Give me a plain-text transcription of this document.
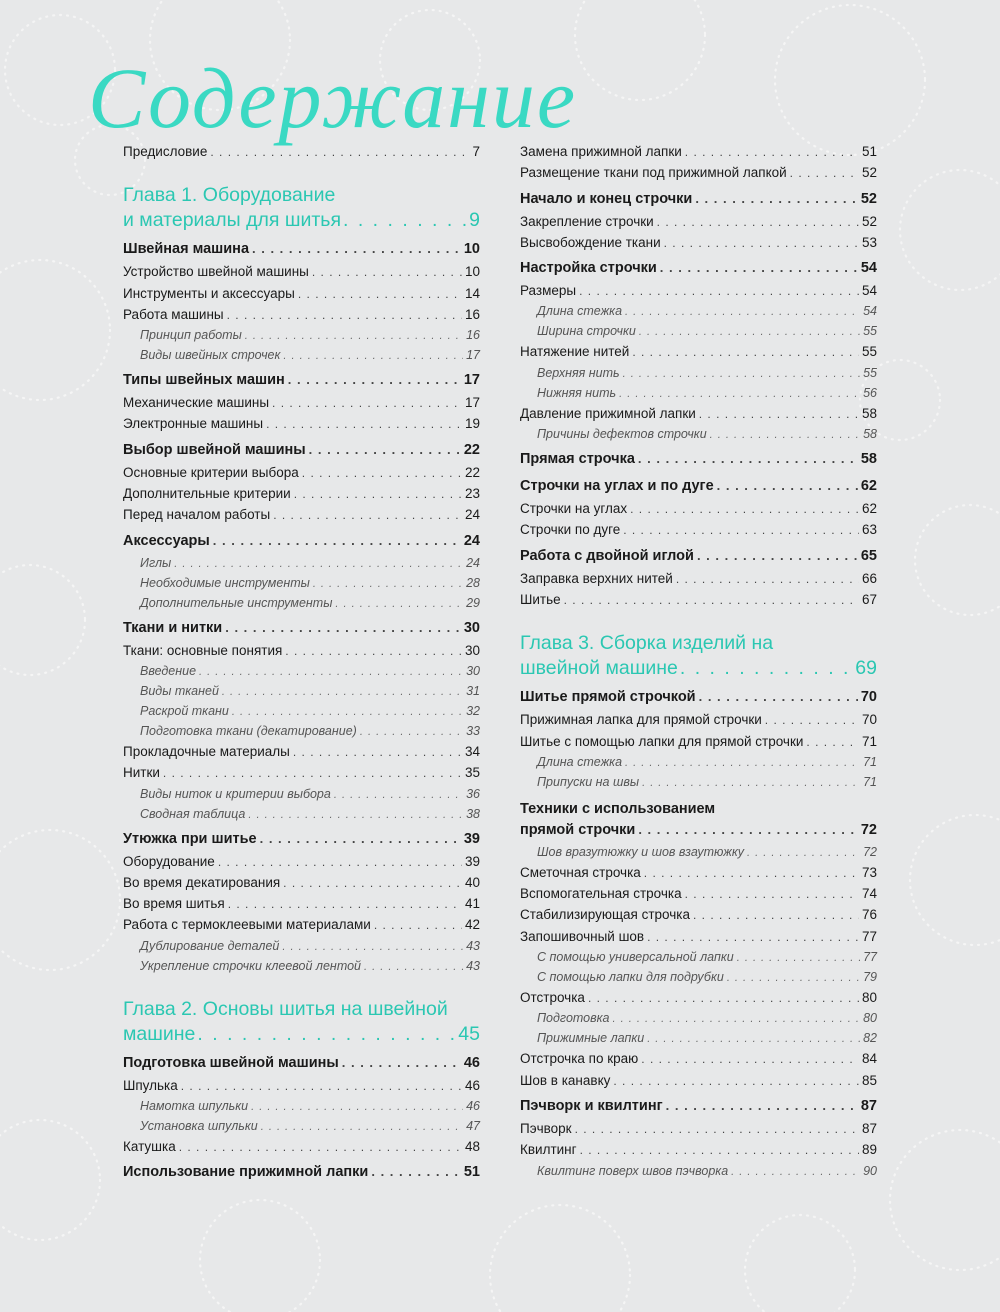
Содержание
Предисловие . . .	7
Глава 1. Оборудование
и материалы для шитья . . .	9
Швейная машина . . .	10
Устройство швейной машины . . .	10
Инструменты и аксессуары . . .	14
Работа машины . . .	16
Принцип работы . . .	16
Виды швейных строчек . . .	17
Типы швейных машин . . .	17
Механические машины . . .	17
Электронные машины . . .	19
Выбор швейной машины . . .	22
Основные критерии выбора . . .	22
Дополнительные критерии . . .	23
Перед началом работы . . .	24
Аксессуары . . .	24
Иглы . . .	24
Необходимые инструменты . . .	28
Дополнительные инструменты . . .	29
Ткани и нитки . . .	30
Ткани: основные понятия . . .	30
Введение . . .	30
Виды тканей . . .	31
Раскрой ткани . . .	32
Подготовка ткани (декатирование) . . .	33
Прокладочные материалы . . .	34
Нитки . . .	35
Виды ниток и критерии выбора . . .	36
Сводная таблица . . .	38
Утюжка при шитье . . .	39
Оборудование . . .	39
Во время декатирования . . .	40
Во время шитья . . .	41
Работа с термоклеевыми материалами . . .	42
Дублирование деталей . . .	43
Укрепление строчки клеевой лентой . . .	43
Глава 2. Основы шитья на швейной
машине . . .	45
Подготовка швейной машины . . .	46
Шпулька . . .	46
Намотка шпульки . . .	46
Установка шпульки . . .	47
Катушка . . .	48
Использование прижимной лапки . . .	51
Замена прижимной лапки . . .	51
Размещение ткани под прижимной лапкой . . .	52
Начало и конец строчки . . .	52
Закрепление строчки . . .	52
Высвобождение ткани . . .	53
Настройка строчки . . .	54
Размеры . . .	54
Длина стежка . . .	54
Ширина строчки . . .	55
Натяжение нитей . . .	55
Верхняя нить . . .	55
Нижняя нить . . .	56
Давление прижимной лапки . . .	58
Причины дефектов строчки . . .	58
Прямая строчка . . .	58
Строчки на углах и по дуге . . .	62
Строчки на углах . . .	62
Строчки по дуге . . .	63
Работа с двойной иглой . . .	65
Заправка верхних нитей . . .	66
Шитье . . .	67
Глава 3. Сборка изделий на
швейной машине . . .	69
Шитье прямой строчкой . . .	70
Прижимная лапка для прямой строчки . . .	70
Шитье с помощью лапки для прямой строчки . . .	71
Длина стежка . . .	71
Припуски на швы . . .	71
Техники с использованием
прямой строчки . . .	72
Шов вразутюжку и шов взаутюжку . . .	72
Сметочная строчка . . .	73
Вспомогательная строчка . . .	74
Стабилизирующая строчка . . .	76
Запошивочный шов . . .	77
С помощью универсальной лапки . . .	77
С помощью лапки для подрубки . . .	79
Отстрочка . . .	80
Подготовка . . .	80
Прижимные лапки . . .	82
Отстрочка по краю . . .	84
Шов в канавку . . .	85
Пэчворк и квилтинг . . .	87
Пэчворк . . .	87
Квилтинг . . .	89
Квилтинг поверх швов пэчворка . . .	90
